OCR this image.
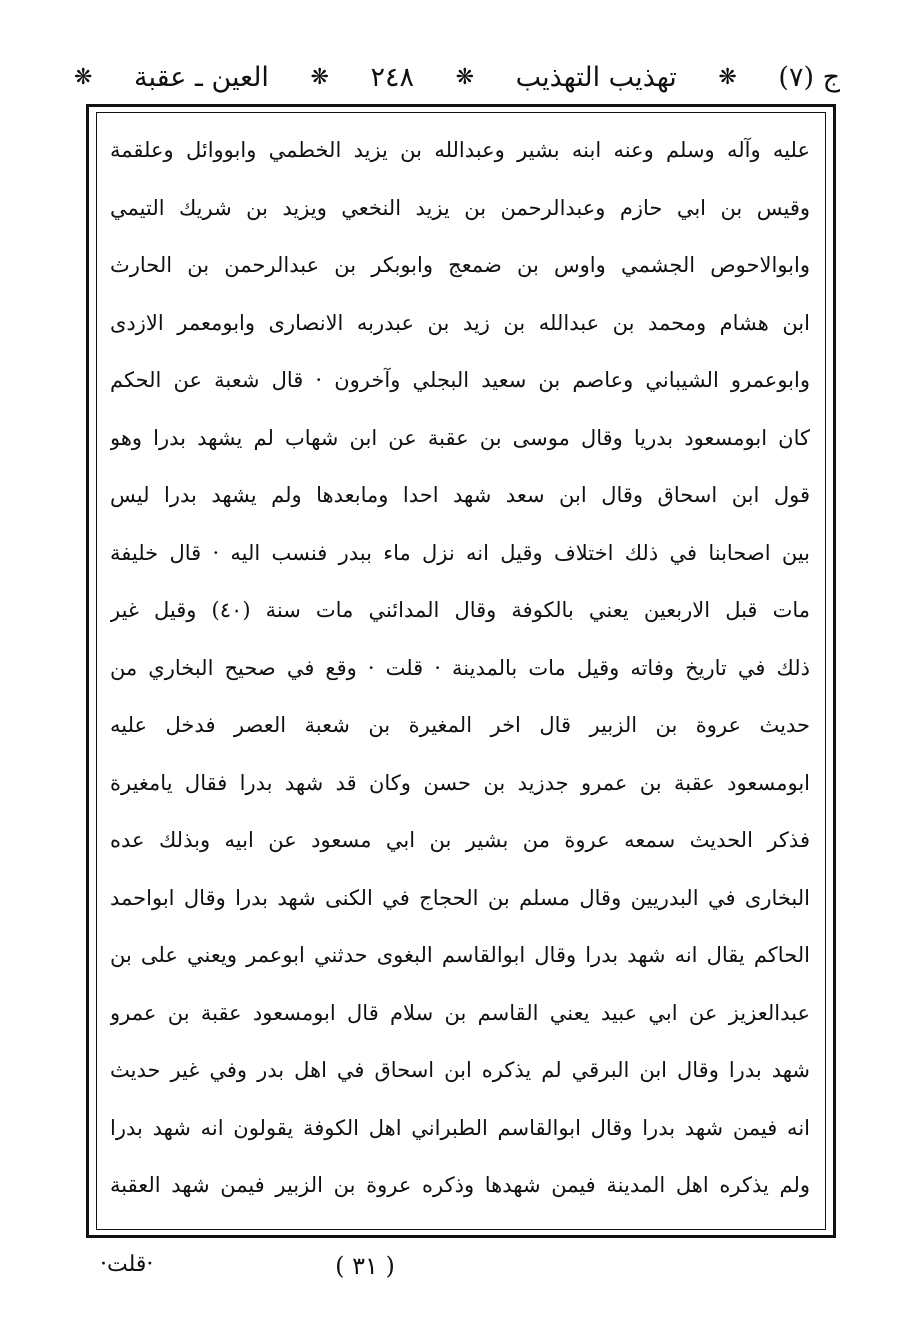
ج (٧)
❋
تهذيب التهذيب
❋
٢٤٨
❋
العين ـ عقبة
❋
عليه وآله وسلم وعنه ابنه بشير وعبدالله بن يزيد الخطمي وابووائل وعلقمة
وقيس بن ابي حازم وعبدالرحمن بن يزيد النخعي ويزيد بن شريك التيمي
وابوالاحوص الجشمي واوس بن ضمعج وابوبكر بن عبدالرحمن بن الحارث
ابن هشام ومحمد بن عبدالله بن زيد بن عبدربه الانصارى وابومعمر الازدى
وابوعمرو الشيباني وعاصم بن سعيد البجلي وآخرون · قال شعبة عن الحكم
كان ابومسعود بدريا وقال موسى بن عقبة عن ابن شهاب لم يشهد بدرا وهو
قول ابن اسحاق وقال ابن سعد شهد احدا ومابعدها ولم يشهد بدرا ليس
بين اصحابنا في ذلك اختلاف وقيل انه نزل ماء ببدر فنسب اليه · قال خليفة
مات قبل الاربعين يعني بالكوفة وقال المدائني مات سنة (٤٠) وقيل غير
ذلك في تاريخ وفاته وقيل مات بالمدينة · قلت · وقع في صحيح البخاري من
حديث عروة بن الزبير قال اخر المغيرة بن شعبة العصر فدخل عليه
ابومسعود عقبة بن عمرو جدزيد بن حسن وكان قد شهد بدرا فقال يامغيرة
فذكر الحديث سمعه عروة من بشير بن ابي مسعود عن ابيه وبذلك عده
البخارى في البدريين وقال مسلم بن الحجاج في الكنى شهد بدرا وقال ابواحمد
الحاكم يقال انه شهد بدرا وقال ابوالقاسم البغوى حدثني ابوعمر ويعني على بن
عبدالعزيز عن ابي عبيد يعني القاسم بن سلام قال ابومسعود عقبة بن عمرو
شهد بدرا وقال ابن البرقي لم يذكره ابن اسحاق في اهل بدر وفي غير حديث
انه فيمن شهد بدرا وقال ابوالقاسم الطبراني اهل الكوفة يقولون انه شهد بدرا
ولم يذكره اهل المدينة فيمن شهدها وذكره عروة بن الزبير فيمن شهد العقبة
( ٣١ )
·قلت·
